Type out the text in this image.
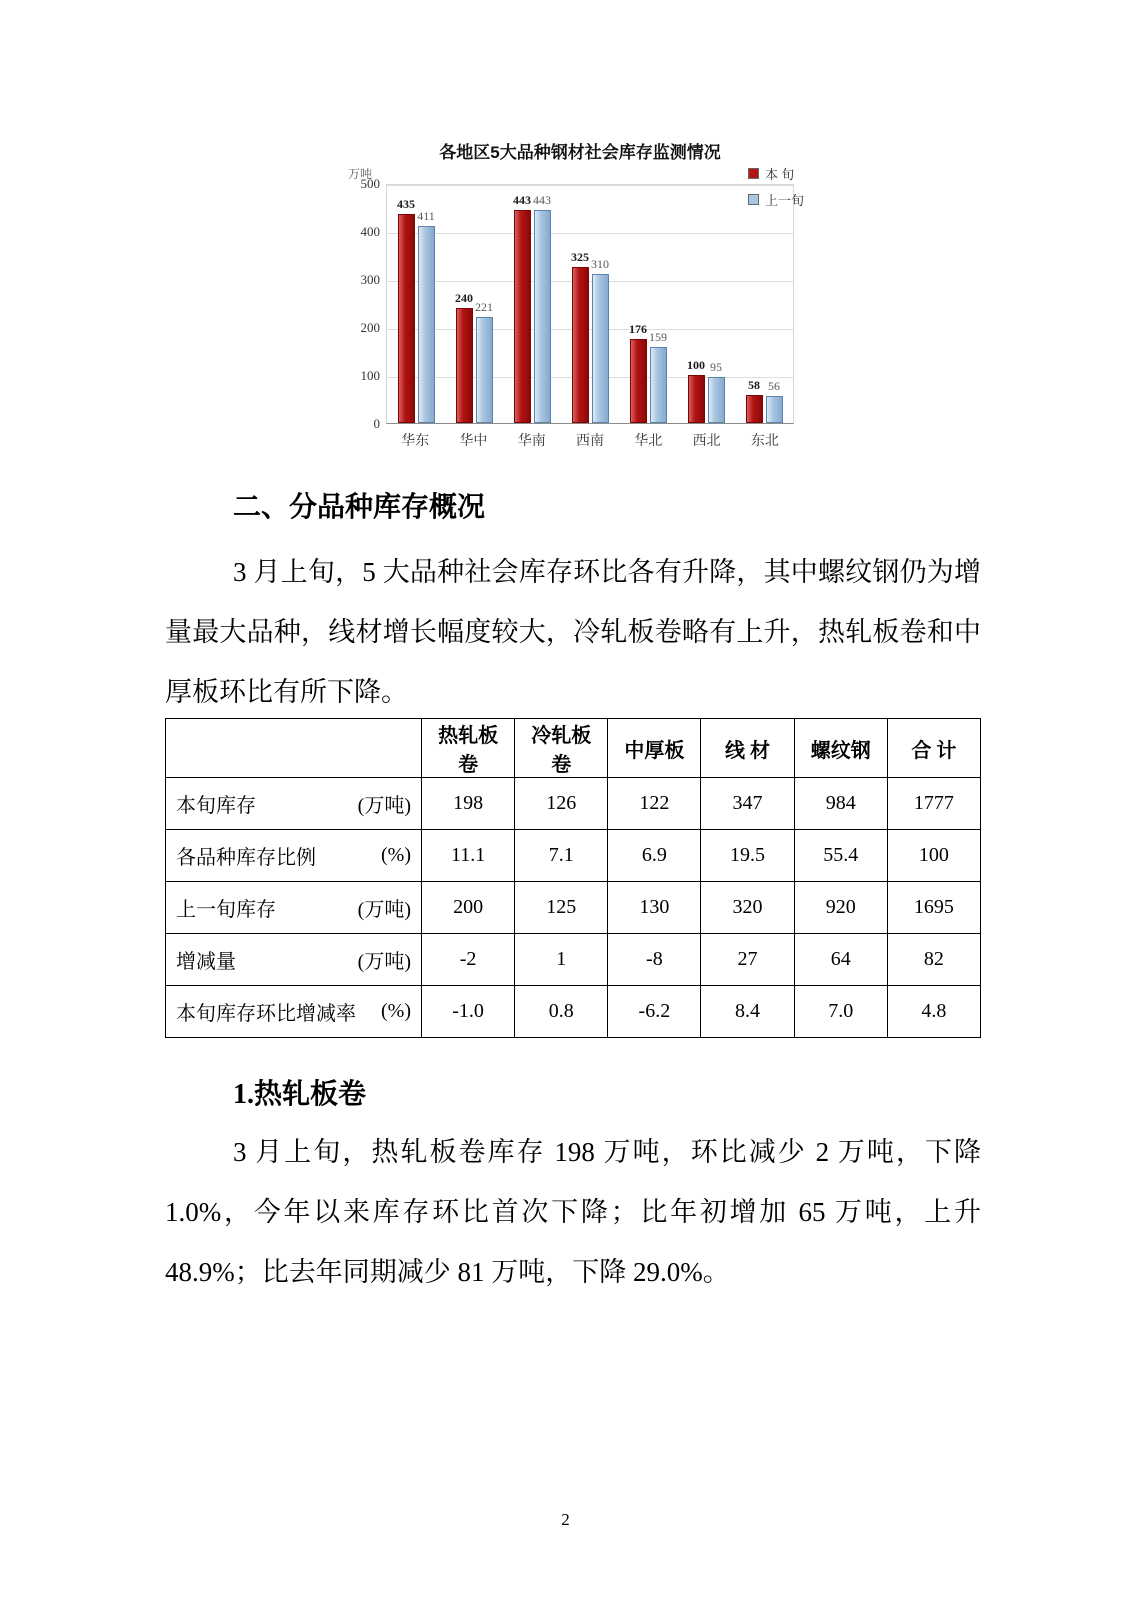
各地区5大品种钢材社会库存监测情况
万吨
435
411
240
221
443 443
325
310
176
159
100 95
58 56
华东	华中	华南	西南	华北	西北	东北
本 旬
上一旬
0
100
200
300
400
500
二、分品种库存概况
3 月上旬，5 大品种社会库存环比各有升降，其中螺纹钢仍为增量最大品种，线材增长幅度较大，冷轧板卷略有上升，热轧板卷和中厚板环比有所下降。
	热轧板卷	冷轧板卷	中厚板	线 材	螺纹钢	合 计

本旬库存 (万吨)	198	126	122	347	984	1777

各品种库存比例 (%)	11.1	7.1	6.9	19.5	55.4	100

上一旬库存 (万吨)	200	125	130	320	920	1695

增减量 (万吨)	-2	1	-8	27	64	82

本旬库存环比增减率 (%)	-1.0	0.8	-6.2	8.4	7.0	4.8
1.热轧板卷
3 月上旬，热轧板卷库存 198 万吨，环比减少 2 万吨，下降 1.0%，今年以来库存环比首次下降；比年初增加 65 万吨，上升 48.9%；比去年同期减少 81 万吨，下降 29.0%。
2
